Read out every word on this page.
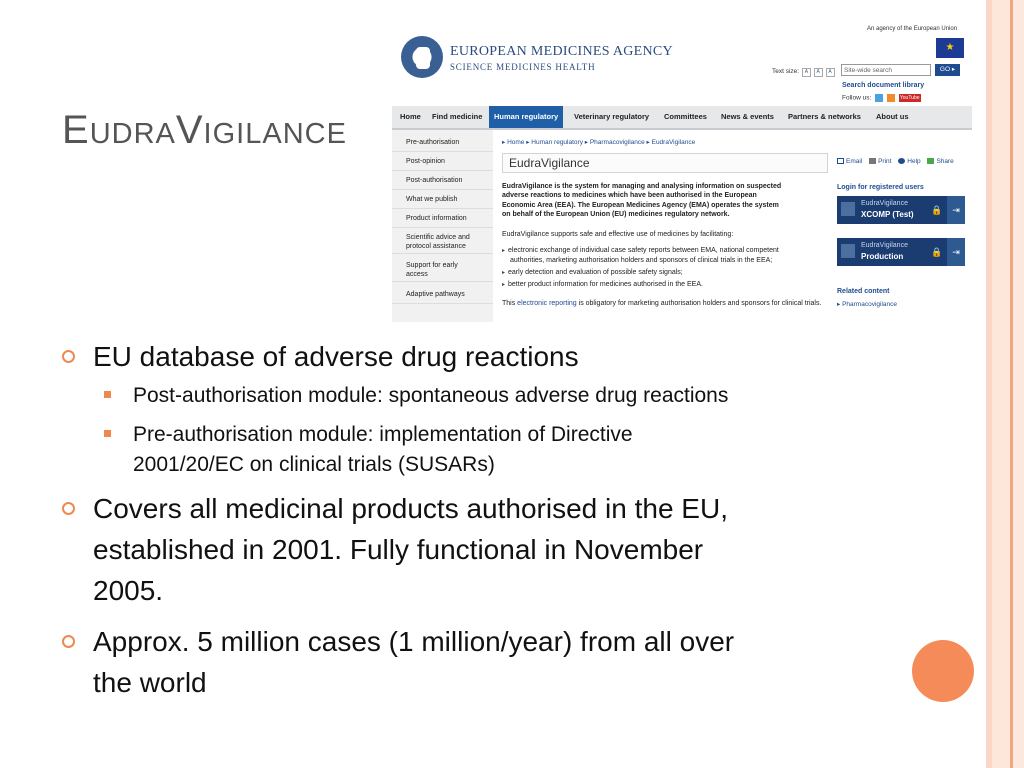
EUDRAVIGILANCE
EUROPEAN MEDICINES AGENCY
SCIENCE MEDICINES HEALTH
An agency of the European Union
★
Text size: A A A	Site-wide search	GO ▸
Search document library
Follow us:	YouTube
Home Find medicine	Human regulatory	Veterinary regulatory Committees News & events Partners & networks About us
Pre-authorisation
Post-opinion
Post-authorisation
What we publish
Product information
Scientific advice and
protocol assistance
Support for early
access
Adaptive pathways
▸ Home ▸ Human regulatory ▸ Pharmacovigilance ▸ EudraVigilance
EudraVigilance	Email Print Help Share
EudraVigilance is the system for managing and analysing information on suspected
adverse reactions to medicines which have been authorised in the European
Economic Area (EEA). The European Medicines Agency (EMA) operates the system
on behalf of the European Union (EU) medicines regulatory network.
EudraVigilance supports safe and effective use of medicines by facilitating:
▸ electronic exchange of individual case safety reports between EMA, national competent
authorities, marketing authorisation holders and sponsors of clinical trials in the EEA;
▸ early detection and evaluation of possible safety signals;
▸ better product information for medicines authorised in the EEA.
This electronic reporting is obligatory for marketing authorisation holders and sponsors for clinical trials.
Login for registered users
EudraVigilance
XCOMP (Test) 🔒	⇥
EudraVigilance
Production	🔒	⇥
Related content
▸ Pharmacovigilance
EU database of adverse drug reactions
Post-authorisation module: spontaneous adverse drug reactions
Pre-authorisation module: implementation of Directive
2001/20/EC on clinical trials (SUSARs)
Covers all medicinal products authorised in the EU,
established in 2001. Fully functional in November
2005.
Approx. 5 million cases (1 million/year) from all over
the world
